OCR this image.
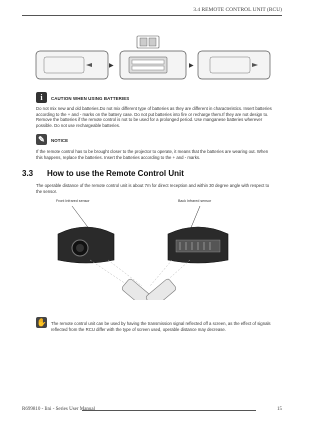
3.4 REMOTE CONTROL UNIT (RCU)
▶	▶
i	CAUTION WHEN USING BATTERIES
Do not mix new and old batteries.Do not mix different type of batteries as they are different in characteristics. Insert batteries according to the + and - marks on the battery case. Do not put batteries into fire or recharge them.If they are not design to. Remove the batteries if the remote control is not to be used for a prolonged period. Use manganese batteries wherever possible. Do not use rechargeable batteries.
✎	NOTICE
If the remote control has to be brought closer to the projector to operate, it means that the batteries are wearing out. When this happens, replace the batteries. Insert the batteries according to the + and - marks.
3.3 How to use the Remote Control Unit
The operable distance of the remote control unit is about 7m for direct reception and within 30 degree angle with respect to the sensor.
Front Infrared sensor	Back Infrared sensor
✋ The remote control unit can be used by having the transmission signal reflected off a screen, as the effect of signals reflected from the RCU differ with the type of screen used, operable distance may decrease.
R699810 - Iini - Series User Manual	15
